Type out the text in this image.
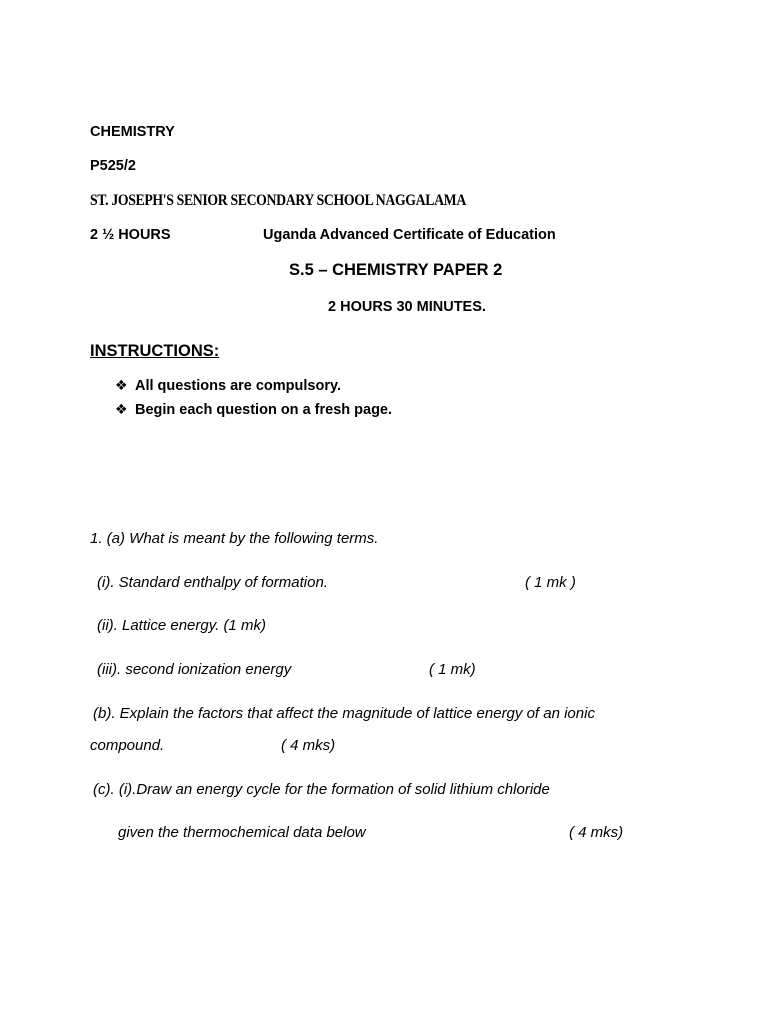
CHEMISTRY
P525/2
ST. JOSEPH'S SENIOR SECONDARY SCHOOL NAGGALAMA
2 ½ HOURS	Uganda Advanced Certificate of Education
S.5 – CHEMISTRY PAPER 2
2 HOURS 30 MINUTES.
INSTRUCTIONS:
❖ All questions are compulsory.
❖ Begin each question on a fresh page.
1. (a) What is meant by the following terms.
(i). Standard enthalpy of formation.	( 1 mk )
(ii). Lattice energy. (1 mk)
(iii). second ionization energy	( 1 mk)
(b). Explain the factors that affect the magnitude of lattice energy of an ionic
compound.	( 4 mks)
(c). (i).Draw an energy cycle for the formation of solid lithium chloride
given the thermochemical data below	( 4 mks)
